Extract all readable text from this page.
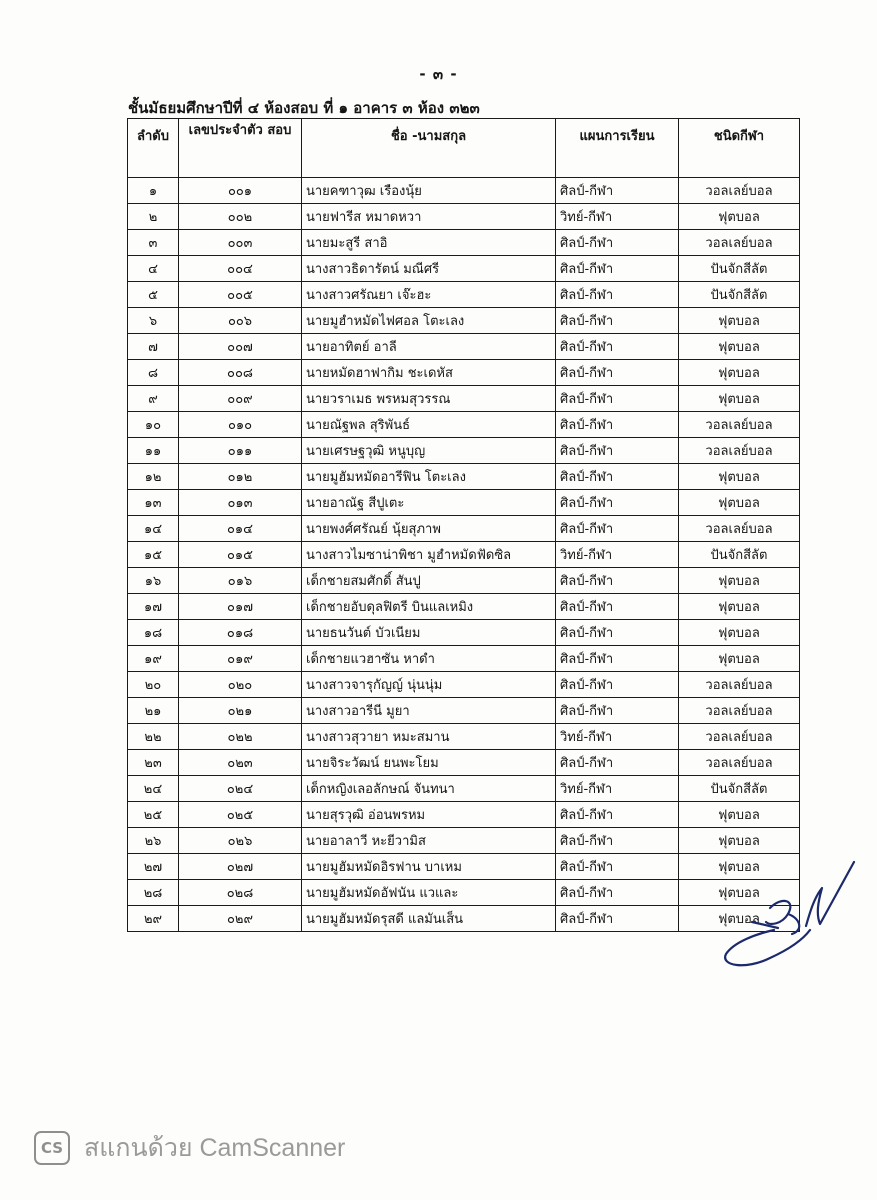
- ๓ -
ชั้นมัธยมศึกษาปีที่ ๔ ห้องสอบ ที่ ๑ อาคาร ๓ ห้อง ๓๒๓
ลำดับ	เลขประจำตัว สอบ	ชื่อ -นามสกุล	แผนการเรียน	ชนิดกีฬา
๑	๐๐๑	นายคฑาวุฒ เรืองนุ้ย	ศิลป์-กีฬา	วอลเลย์บอล
๒	๐๐๒	นายฟารีส หมาดหวา	วิทย์-กีฬา	ฟุตบอล
๓	๐๐๓	นายมะสูรี สาอิ	ศิลป์-กีฬา	วอลเลย์บอล
๔	๐๐๔	นางสาวธิดารัตน์ มณีศรี	ศิลป์-กีฬา	ปันจักสีลัต
๕	๐๐๕	นางสาวศรัณยา เจ๊ะฮะ	ศิลป์-กีฬา	ปันจักสีลัต
๖	๐๐๖	นายมูฮำหมัดไฟศอล โตะเลง	ศิลป์-กีฬา	ฟุตบอล
๗	๐๐๗	นายอาทิตย์ อาลี	ศิลป์-กีฬา	ฟุตบอล
๘	๐๐๘	นายหมัดฮาฟากิม ชะเดหัส	ศิลป์-กีฬา	ฟุตบอล
๙	๐๐๙	นายวราเมธ พรหมสุวรรณ	ศิลป์-กีฬา	ฟุตบอล
๑๐	๐๑๐	นายณัฐพล สุริพันธ์	ศิลป์-กีฬา	วอลเลย์บอล
๑๑	๐๑๑	นายเศรษฐวุฒิ หนูบุญ	ศิลป์-กีฬา	วอลเลย์บอล
๑๒	๐๑๒	นายมูฮัมหมัดอารีฟิน โตะเลง	ศิลป์-กีฬา	ฟุตบอล
๑๓	๐๑๓	นายอาณัฐ สีปูเตะ	ศิลป์-กีฬา	ฟุตบอล
๑๔	๐๑๔	นายพงศ์ศรัณย์ นุ้ยสุภาพ	ศิลป์-กีฬา	วอลเลย์บอล
๑๕	๐๑๕	นางสาวไมซาน่าพิชา มูฮำหมัดฟัดซิล	วิทย์-กีฬา	ปันจักสีลัต
๑๖	๐๑๖	เด็กชายสมศักดิ์ สันปู	ศิลป์-กีฬา	ฟุตบอล
๑๗	๐๑๗	เด็กชายอับดุลฟิตรี บินแลเหมิง	ศิลป์-กีฬา	ฟุตบอล
๑๘	๐๑๘	นายธนวันต์ บัวเนียม	ศิลป์-กีฬา	ฟุตบอล
๑๙	๐๑๙	เด็กชายแวฮาซัน หาดำ	ศิลป์-กีฬา	ฟุตบอล
๒๐	๐๒๐	นางสาวจารุกัญญ์ นุ่นนุ่ม	ศิลป์-กีฬา	วอลเลย์บอล
๒๑	๐๒๑	นางสาวอารีนี มูยา	ศิลป์-กีฬา	วอลเลย์บอล
๒๒	๐๒๒	นางสาวสุวายา หมะสมาน	วิทย์-กีฬา	วอลเลย์บอล
๒๓	๐๒๓	นายจิระวัฒน์ ยนพะโยม	ศิลป์-กีฬา	วอลเลย์บอล
๒๔	๐๒๔	เด็กหญิงเลอลักษณ์ จันทนา	วิทย์-กีฬา	ปันจักสีลัต
๒๕	๐๒๕	นายสุรวุฒิ อ่อนพรหม	ศิลป์-กีฬา	ฟุตบอล
๒๖	๐๒๖	นายอาลาวี หะยีวามิส	ศิลป์-กีฬา	ฟุตบอล
๒๗	๐๒๗	นายมูฮัมหมัดอิรฟาน บาเหม	ศิลป์-กีฬา	ฟุตบอล
๒๘	๐๒๘	นายมูฮัมหมัดอัฟนัน แวและ	ศิลป์-กีฬา	ฟุตบอล
๒๙	๐๒๙	นายมูฮัมหมัดรุสดี แลมันเส็น	ศิลป์-กีฬา	ฟุตบอล
CS สแกนด้วย CamScanner
